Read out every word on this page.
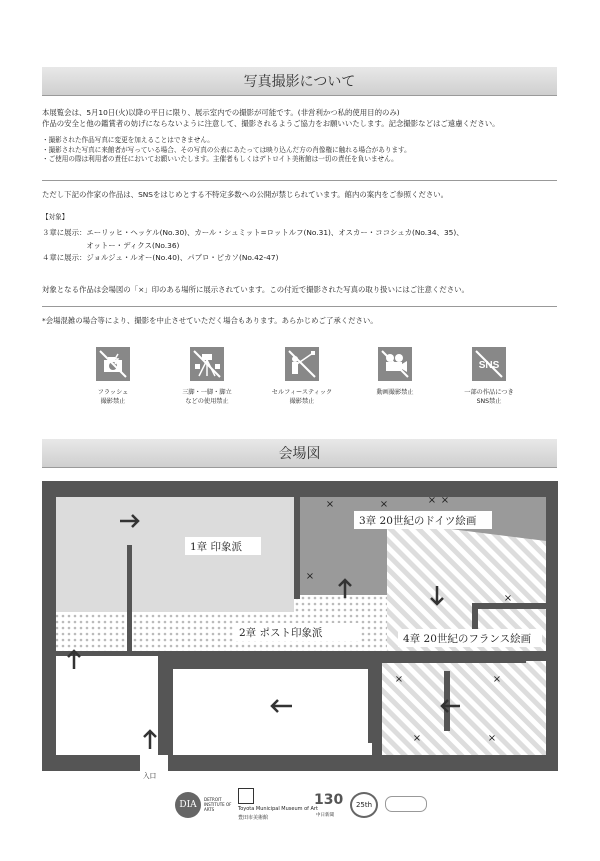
写真撮影について
本展覧会は、5月10日(火)以降の平日に限り、展示室内での撮影が可能です。(非営利かつ私的使用目的のみ)
作品の安全と他の鑑賞者の妨げにならないように注意して、撮影されるようご協力をお願いいたします。記念撮影などはご遠慮ください。
・撮影された作品写真に変更を加えることはできません。
・撮影された写真に来館者が写っている場合、その写真の公表にあたっては映り込んだ方の肖像権に触れる場合があります。
・ご使用の際は利用者の責任においてお願いいたします。主催者もしくはデトロイト美術館は一切の責任を負いません。
ただし下記の作家の作品は、SNSをはじめとする不特定多数への公開が禁じられています。館内の案内をご参照ください。
【対象】
３章に展示：エーリッヒ・ヘッケル(No.30)、カール・シュミット=ロットルフ(No.31)、オスカー・ココシュカ(No.34、35)、
　　　　　　オットー・ディクス(No.36)
４章に展示：ジョルジュ・ルオー(No.40)、パブロ・ピカソ(No.42-47)
対象となる作品は会場図の「×」印のある場所に展示されています。この付近で撮影された写真の取り扱いにはご注意ください。
*会場混雑の場合等により、撮影を中止させていただく場合もあります。あらかじめご了承ください。
SNS
フラッシュ
撮影禁止
三脚・一脚・脚立
などの使用禁止
セルフィースティック
撮影禁止
動画撮影禁止	一部の作品につき
SNS禁止
会場図
×	×	× ×
×
×
×	×
×	×
1章 印象派
3章 20世紀のドイツ絵画
2章 ポスト印象派	4章 20世紀のフランス絵画
入口
DIA
DETROIT INSTITUTE OF ARTS	Toyota Municipal Museum of Art
豊田市美術館
130
中日新聞
25th
